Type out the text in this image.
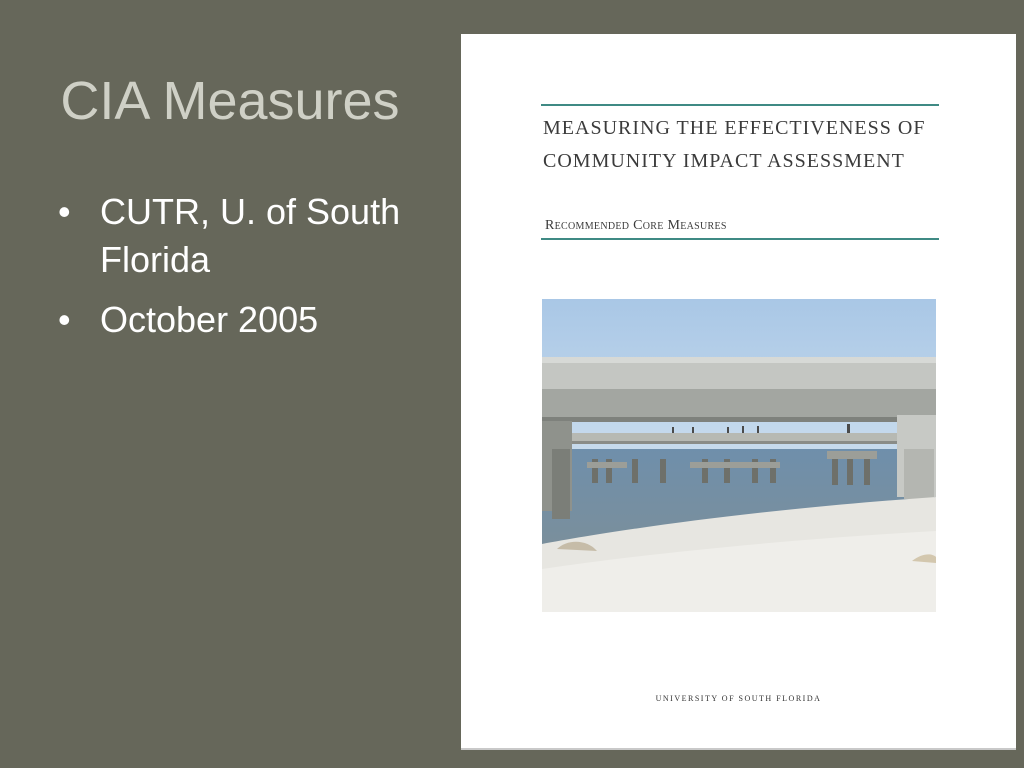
CIA Measures
• CUTR, U. of South Florida
• October 2005
MEASURING THE EFFECTIVENESS OF COMMUNITY IMPACT ASSESSMENT
Recommended Core Measures
UNIVERSITY OF SOUTH FLORIDA
